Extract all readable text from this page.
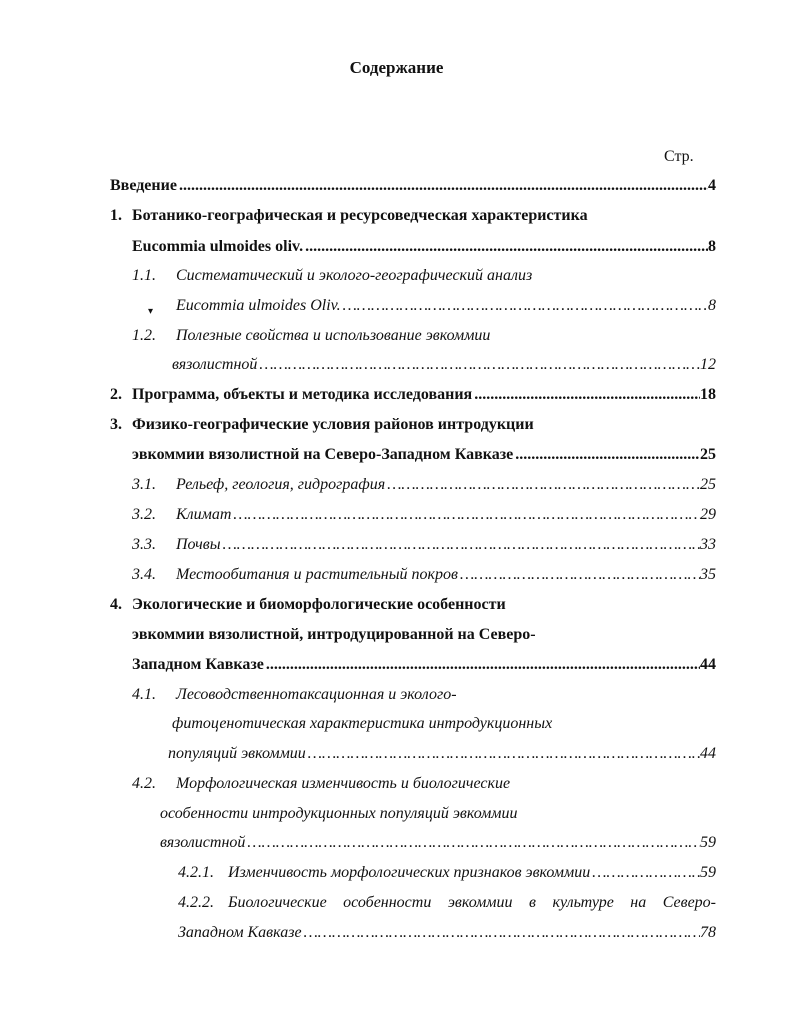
Содержание
Стр.
Введение .....	4
1. Ботанико-географическая и ресурсоведческая характеристика
Eucommia ulmoides oliv. .....	8
1.1. Систематический и эколого-географический анализ
Eucommia ulmoides Oliv. ……………………………………………………………………………………………………………………………………………………	8
1.2. Полезные свойства и использование эвкоммии
вязолистной ……………………………………………………………………………………………………………………………………………………	12
2. Программа, объекты и методика исследования .....	18
3. Физико-географические условия районов интродукции
эвкоммии вязолистной на Северо-Западном Кавказе .....	25
3.1. Рельеф, геология, гидрография ……………………………………………………………………………………………………………………………………………………	25
3.2. Климат ……………………………………………………………………………………………………………………………………………………	29
3.3. Почвы ……………………………………………………………………………………………………………………………………………………	33
3.4. Местообитания и растительный покров ……………………………………………………………………………………………………………………………………………………	35
4. Экологические и биоморфологические особенности
эвкоммии вязолистной, интродуцированной на Северо-
Западном Кавказе .....	44
4.1. Лесоводственнотаксационная и эколого-
фитоценотическая характеристика интродукционных
популяций эвкоммии ……………………………………………………………………………………………………………………………………………………	44
4.2. Морфологическая изменчивость и биологические
особенности интродукционных популяций эвкоммии
вязолистной ……………………………………………………………………………………………………………………………………………………	59
4.2.1. Изменчивость морфологических признаков эвкоммии ……………………………………………………………………………………………………………………………………………………	59
4.2.2. Биологические особенности эвкоммии в культуре на Северо-
Западном Кавказе ……………………………………………………………………………………………………………………………………………………	78
▾
